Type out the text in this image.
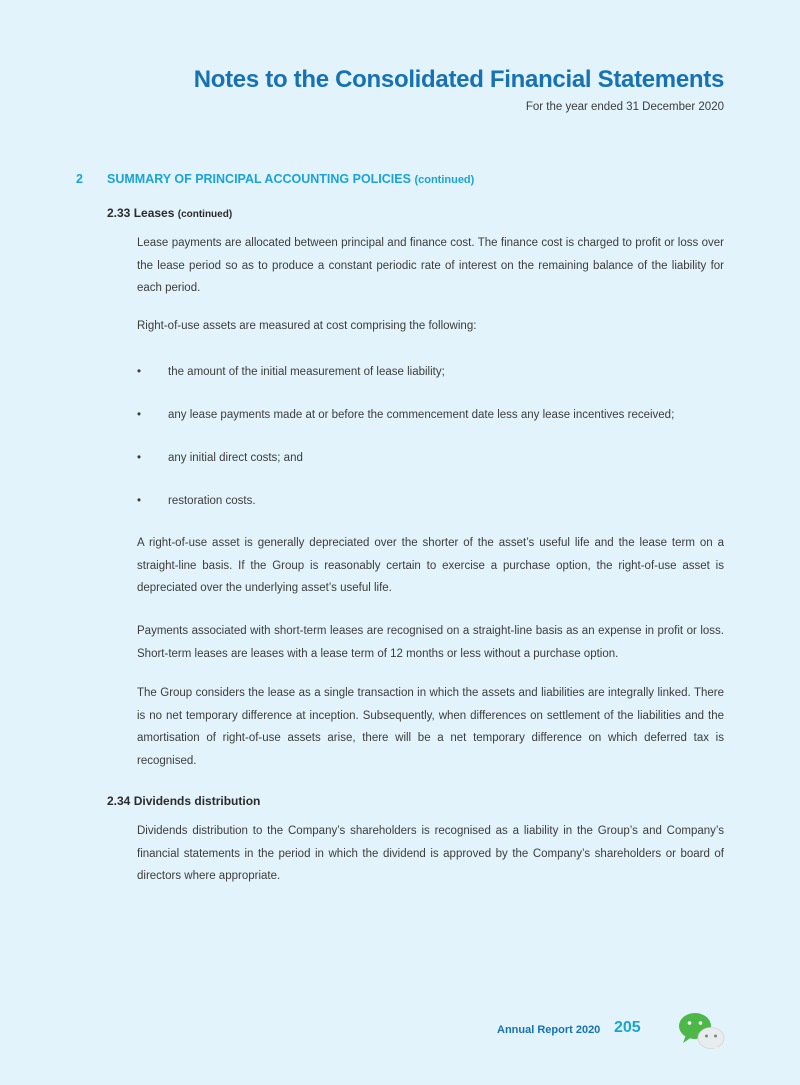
Notes to the Consolidated Financial Statements
For the year ended 31 December 2020
2 SUMMARY OF PRINCIPAL ACCOUNTING POLICIES (continued)
2.33 Leases (continued)

Lease payments are allocated between principal and finance cost. The finance cost is charged to profit or loss over the lease period so as to produce a constant periodic rate of interest on the remaining balance of the liability for each period.

Right-of-use assets are measured at cost comprising the following:

• the amount of the initial measurement of lease liability;
• any lease payments made at or before the commencement date less any lease incentives received;
• any initial direct costs; and
• restoration costs.

A right-of-use asset is generally depreciated over the shorter of the asset’s useful life and the lease term on a straight-line basis. If the Group is reasonably certain to exercise a purchase option, the right-of-use asset is depreciated over the underlying asset’s useful life.

Payments associated with short-term leases are recognised on a straight-line basis as an expense in profit or loss. Short-term leases are leases with a lease term of 12 months or less without a purchase option.

The Group considers the lease as a single transaction in which the assets and liabilities are integrally linked. There is no net temporary difference at inception. Subsequently, when differences on settlement of the liabilities and the amortisation of right-of-use assets arise, there will be a net temporary difference on which deferred tax is recognised.

2.34 Dividends distribution

Dividends distribution to the Company’s shareholders is recognised as a liability in the Group’s and Company’s financial statements in the period in which the dividend is approved by the Company’s shareholders or board of directors where appropriate.

Annual Report 2020 205
